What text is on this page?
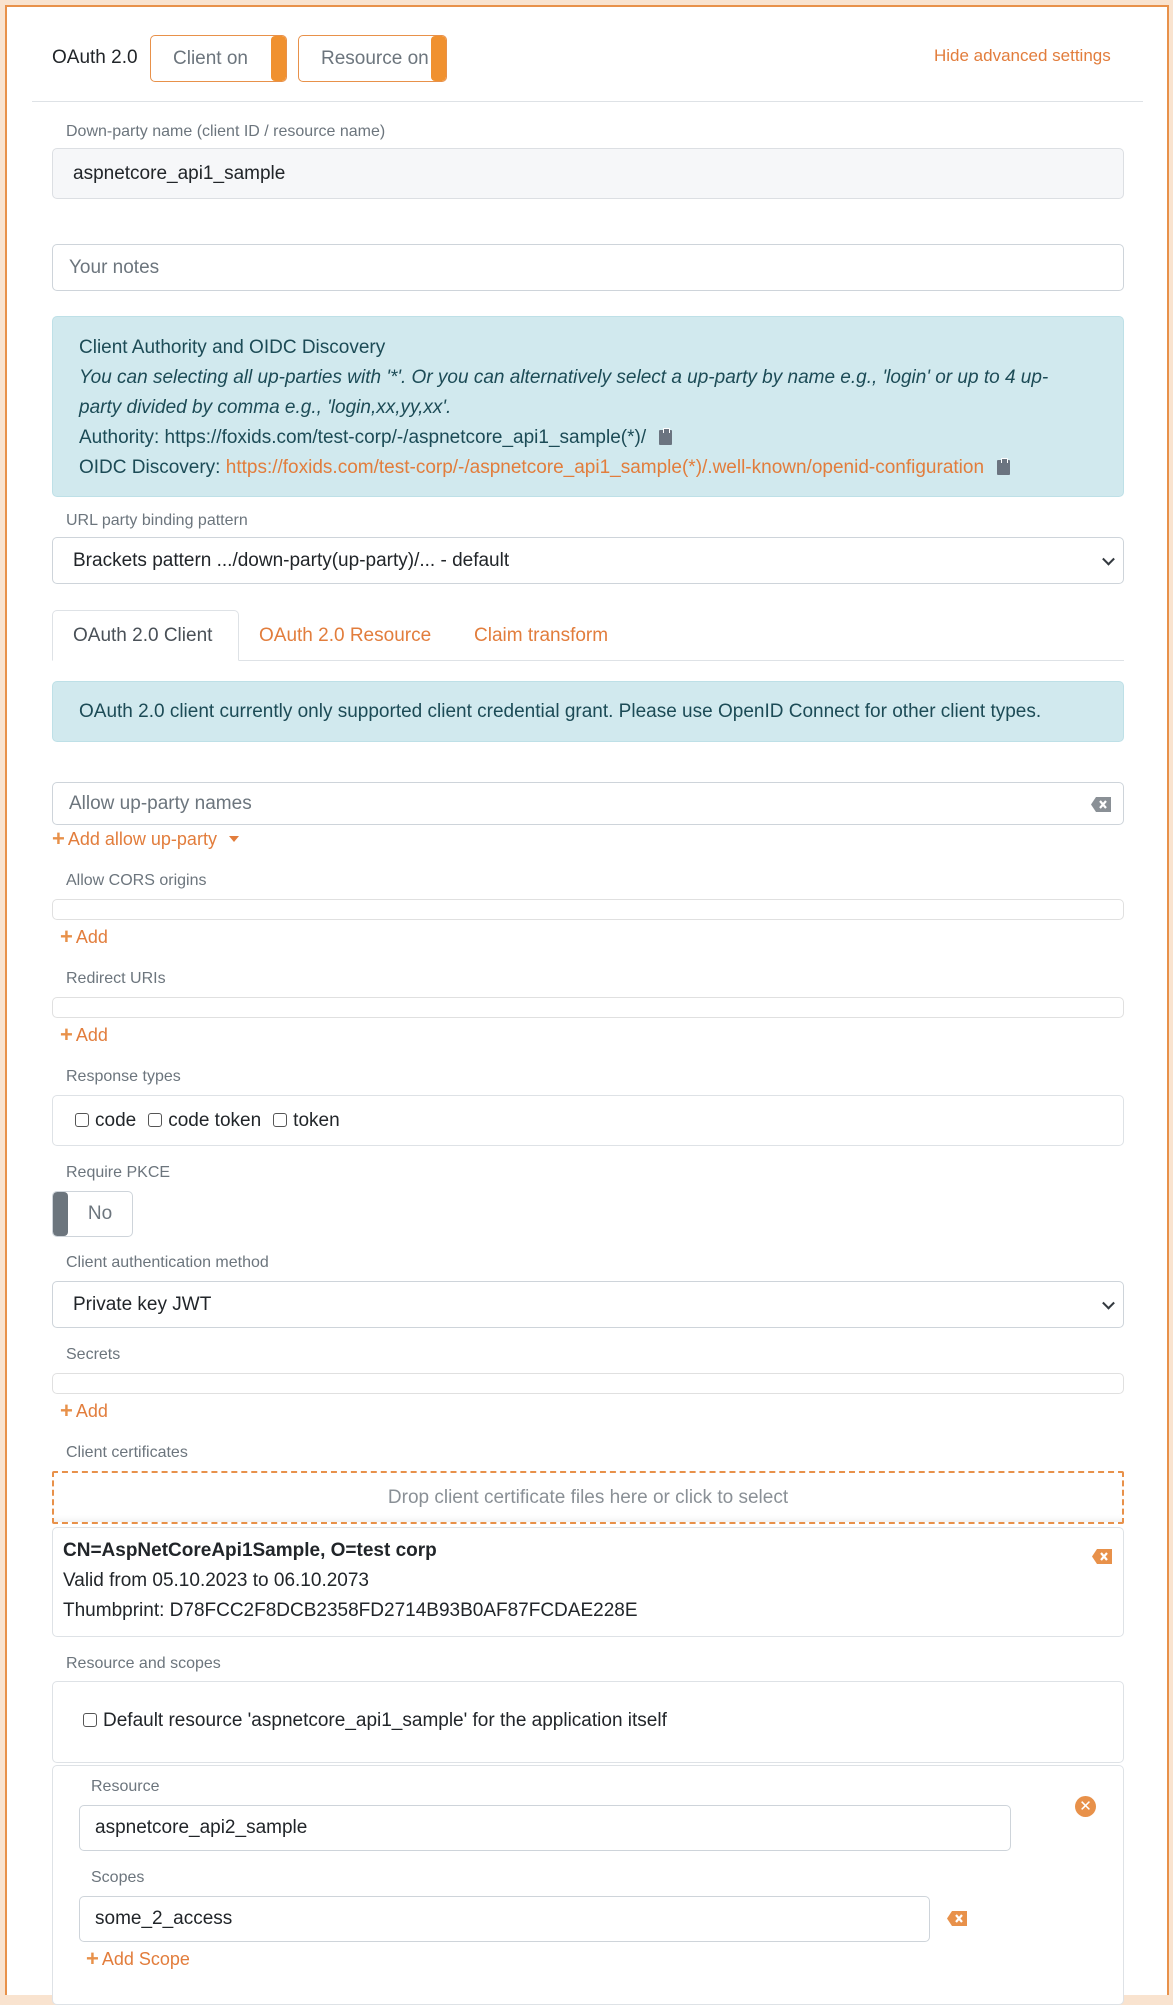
OAuth 2.0	Client on	Resource on	Hide advanced settings
Down-party name (client ID / resource name)
aspnetcore_api1_sample
Your notes
Client Authority and OIDC Discovery
You can selecting all up-parties with '*'. Or you can alternatively select a up-party by name e.g., 'login' or up to 4 up-
party divided by comma e.g., 'login,xx,yy,xx'.
Authority: https://foxids.com/test-corp/-/aspnetcore_api1_sample(*)/
OIDC Discovery: https://foxids.com/test-corp/-/aspnetcore_api1_sample(*)/.well-known/openid-configuration
URL party binding pattern
Brackets pattern .../down-party(up-party)/... - default
OAuth 2.0 Client OAuth 2.0 Resource Claim transform
OAuth 2.0 client currently only supported client credential grant. Please use OpenID Connect for other client types.
Allow up-party names
+ Add allow up-party
Allow CORS origins
+ Add
Redirect URIs
+ Add
Response types
code	code token	token
Require PKCE
No
Client authentication method
Private key JWT
Secrets
+ Add
Client certificates
Drop client certificate files here or click to select
CN=AspNetCoreApi1Sample, O=test corp
Valid from 05.10.2023 to 06.10.2073
Thumbprint: D78FCC2F8DCB2358FD2714B93B0AF87FCDAE228E
Resource and scopes
Default resource 'aspnetcore_api1_sample' for the application itself
Resource
aspnetcore_api2_sample
✕
Scopes
some_2_access
+ Add Scope
